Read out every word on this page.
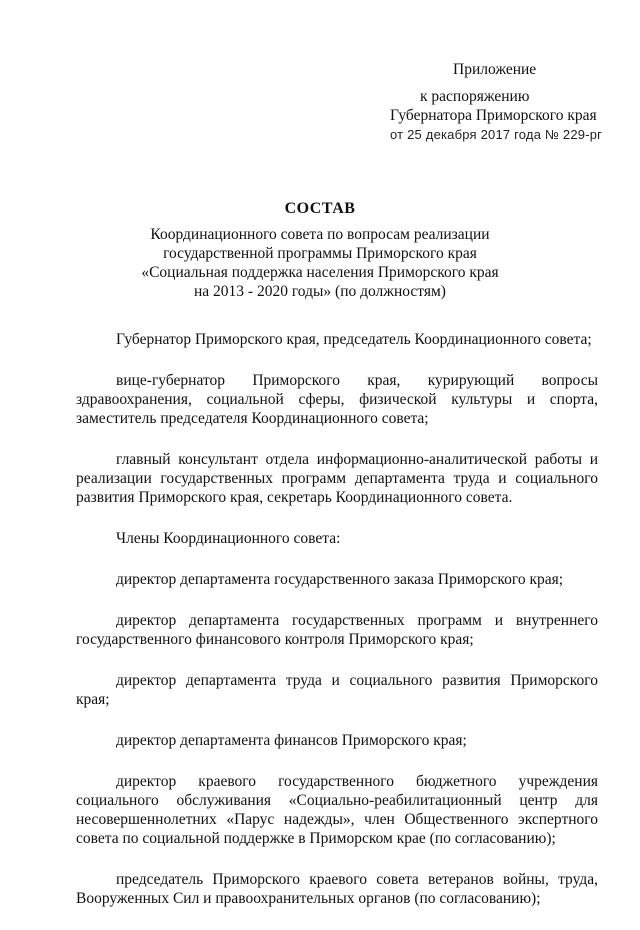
Приложение
к распоряжению
Губернатора Приморского края
от 25 декабря 2017 года № 229-рг
СОСТАВ
Координационного совета по вопросам реализации
государственной программы Приморского края
«Социальная поддержка населения Приморского края
на 2013 - 2020 годы» (по должностям)

Губернатор Приморского края, председатель Координационного совета;

вице-губернатор Приморского края, курирующий вопросы здравоохранения, социальной сферы, физической культуры и спорта, заместитель председателя Координационного совета;

главный консультант отдела информационно-аналитической работы и реализации государственных программ департамента труда и социального развития Приморского края, секретарь Координационного совета.

Члены Координационного совета:

директор департамента государственного заказа Приморского края;

директор департамента государственных программ и внутреннего государственного финансового контроля Приморского края;

директор департамента труда и социального развития Приморского края;

директор департамента финансов Приморского края;

директор краевого государственного бюджетного учреждения социального обслуживания «Социально-реабилитационный центр для несовершеннолетних «Парус надежды», член Общественного экспертного совета по социальной поддержке в Приморском крае (по согласованию);

председатель Приморского краевого совета ветеранов войны, труда, Вооруженных Сил и правоохранительных органов (по согласованию);
